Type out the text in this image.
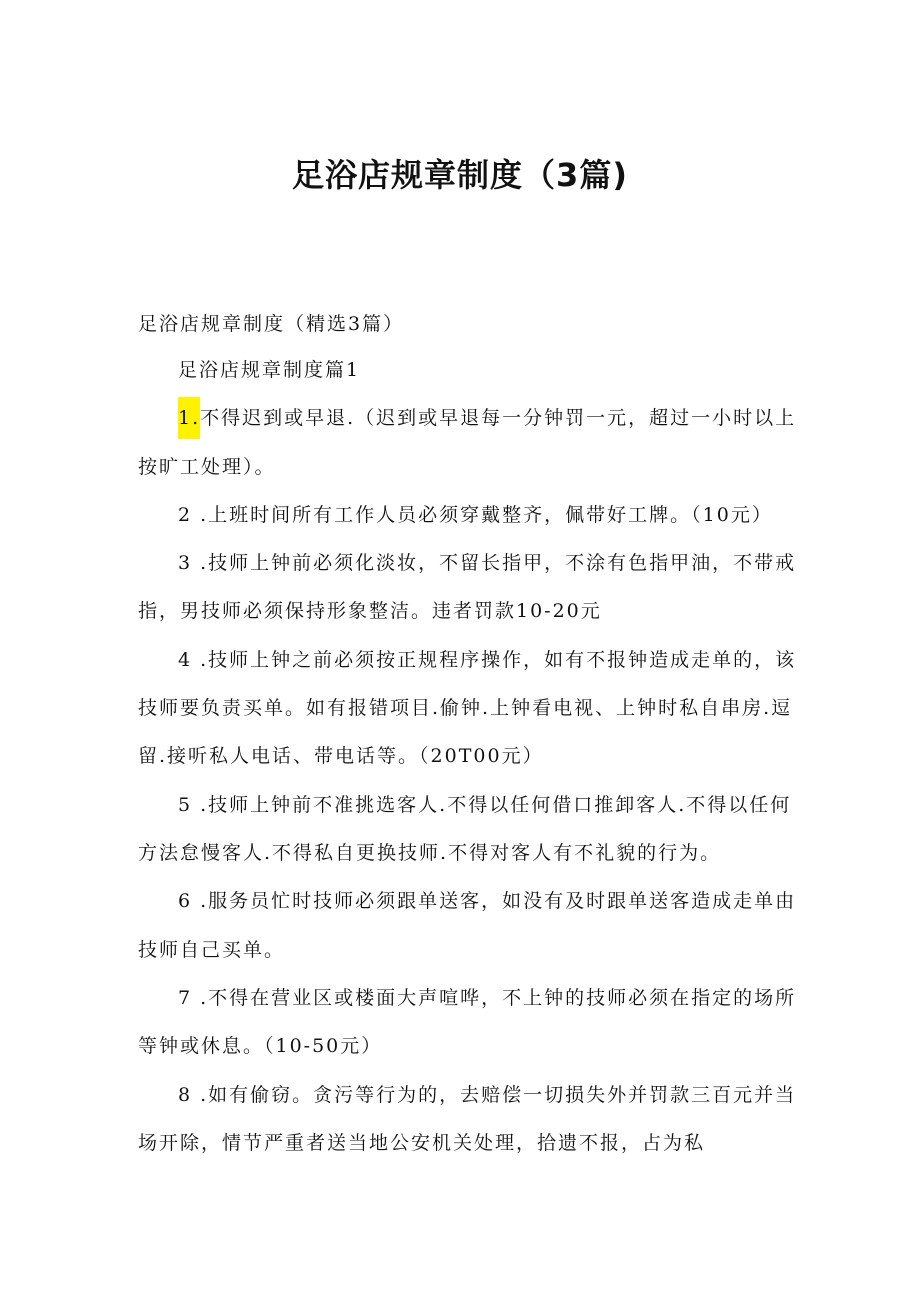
足浴店规章制度（3篇)
足浴店规章制度（精选3篇）
足浴店规章制度篇1
1.不得迟到或早退.（迟到或早退每一分钟罚一元，超过一小时以上
按旷工处理）。
2 .上班时间所有工作人员必须穿戴整齐，佩带好工牌。（10元）
3 .技师上钟前必须化淡妆，不留长指甲，不涂有色指甲油，不带戒
指，男技师必须保持形象整洁。违者罚款10-20元
4 .技师上钟之前必须按正规程序操作，如有不报钟造成走单的，该
技师要负责买单。如有报错项目.偷钟.上钟看电视、上钟时私自串房.逗
留.接听私人电话、带电话等。（20T00元）
5 .技师上钟前不准挑选客人.不得以任何借口推卸客人.不得以任何
方法怠慢客人.不得私自更换技师.不得对客人有不礼貌的行为。
6 .服务员忙时技师必须跟单送客，如没有及时跟单送客造成走单由
技师自己买单。
7 .不得在营业区或楼面大声喧哗，不上钟的技师必须在指定的场所
等钟或休息。（10-50元）
8 .如有偷窃。贪污等行为的，去赔偿一切损失外并罚款三百元并当
场开除，情节严重者送当地公安机关处理，拾遗不报，占为私
